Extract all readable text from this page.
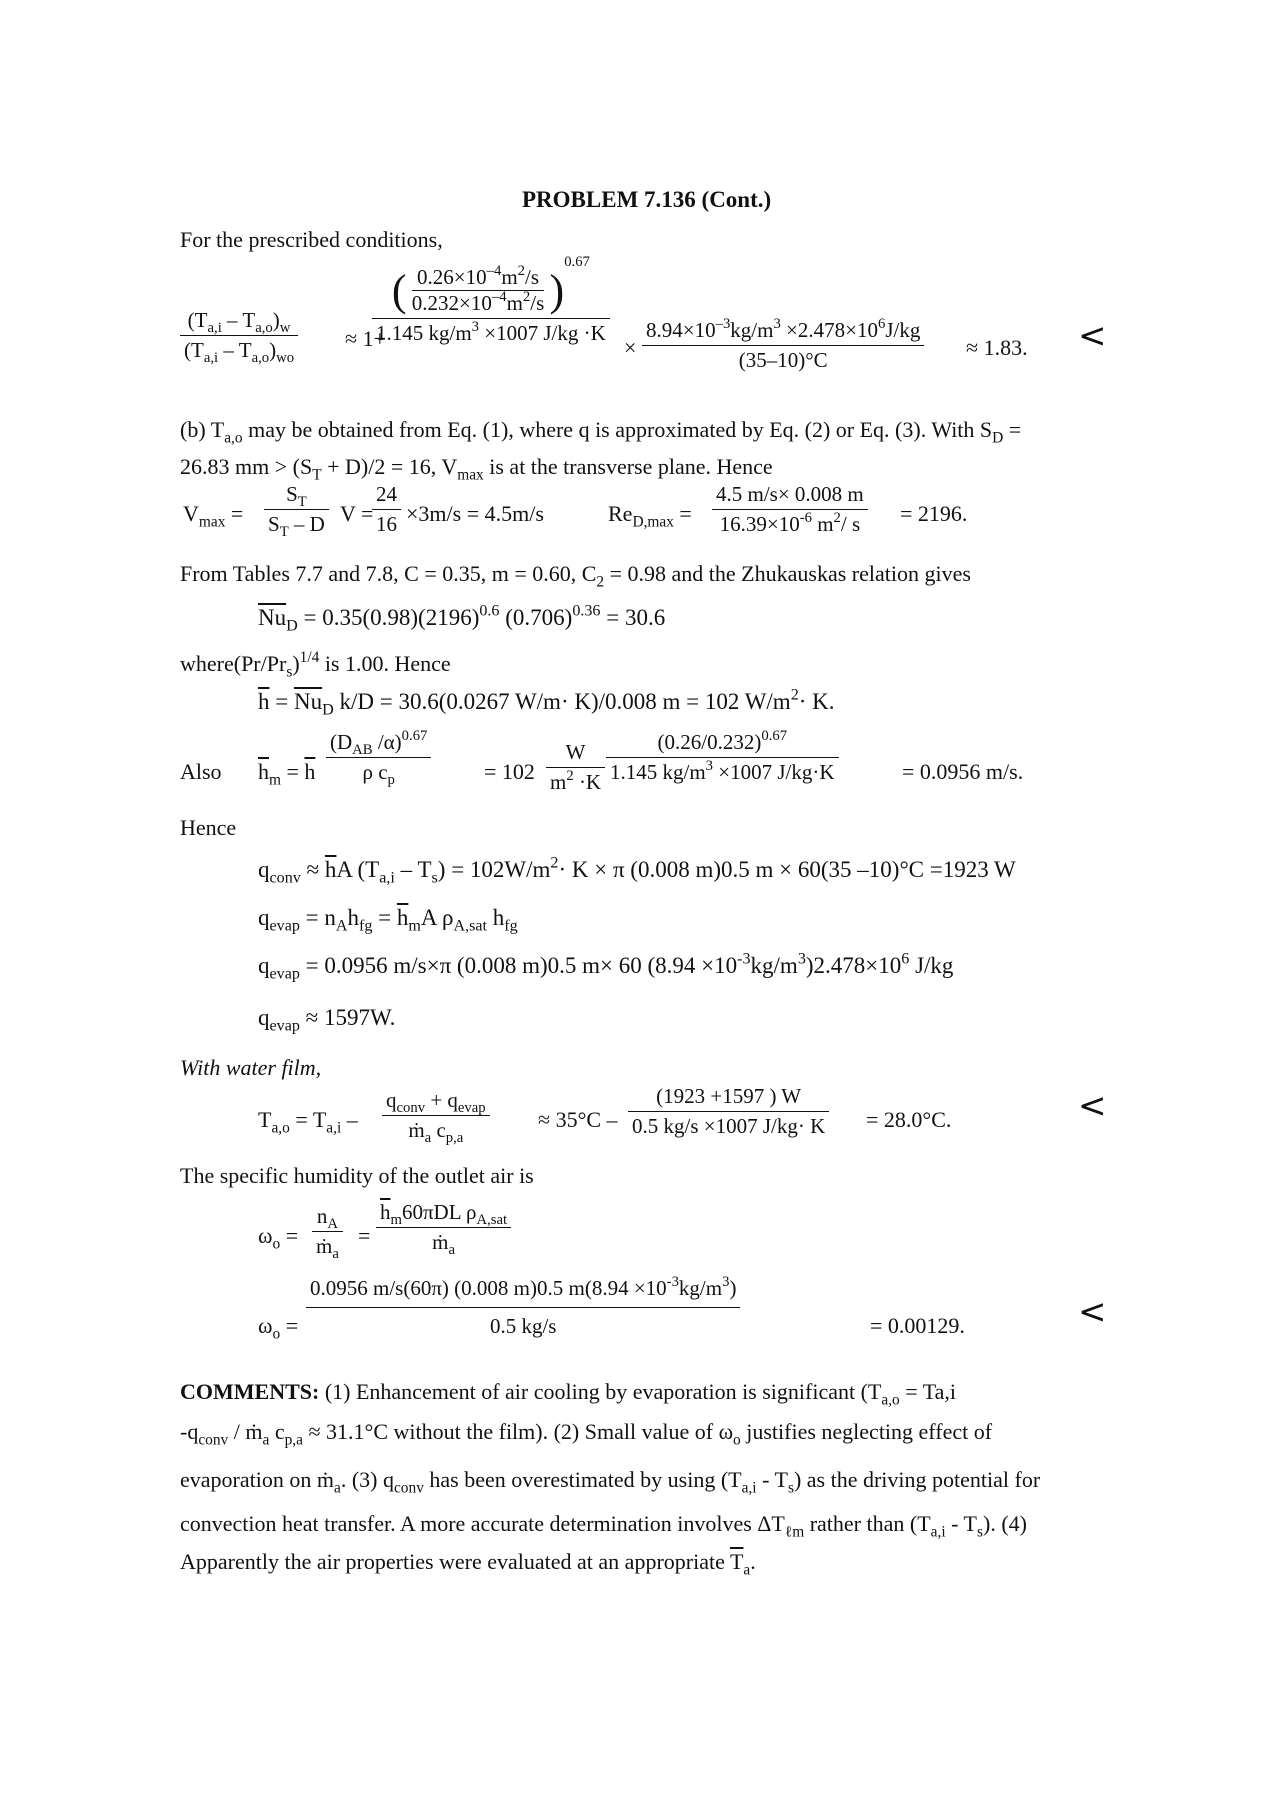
PROBLEM 7.136 (Cont.)
For the prescribed conditions,
$(T_{a,i} - T_{a,o})_w$
$(T_{a,i} - T_{a,o})_{wo}$
≈ 1+
( $\frac{0.26\times 10^{-4}m^2/s}{0.232\times 10^{-4}m^2/s} )^{0.67}$
1.145 $kg/m^3 \times 1007$ J/kg ·K
×
$8.94\times 10^{-3}kg/m^3 \times 2.478\times 10^6J/kg$
(35–10)°C	≈ 1.83. <
(b) $T_{a,o}$ may be obtained from Eq. (1), where q is approximated by Eq. (2) or Eq. (3). With $S_D$ =
26.83 mm > $(S_T + D)/2 = 16$, $V_{max}$ is at the transverse plane. Hence
$V_{max}$ =
$S_T$
$S_T$ – D V =
24
16 ×3m/s = 4.5m/s	$Re_{D,max}$ =
4.5 m/s× 0.008 m
$16.39\times 10^{-6}$ $m^2/$ s = 2196.
From Tables 7.7 and 7.8, C = 0.35, m = 0.60, $C_2 = 0.98$ and the Zhukauskas relation gives
$\overline{Nu}_D = 0.35(0.98)(2196)^{0.6}$ $(0.706)^{0.36} = 30.6$
$where(Pr/Pr_s)^{1/4}$ is 1.00. Hence
$\overline{h} = \overline{Nu}_D$ k/D = 30.6(0.0267 W/m· K)/0.008 m = 102 $W/m^2\cdot K$.
Also $\overline{h}_m = \overline{h}$
($D_{AB}$ /α)$^{0.67}$
ρ $c_p$	= 102
W
$m^2 \cdot K$
$(0.26/0.232)^{0.67}$
1.145 $kg/m^3 \times 1007$ J/kg·K	= 0.0956 m/s.
Hence
$q_{conv} \approx \overline{h}A$ $(T_{a,i} - T_s) = 102W/m^2\cdot K \times \pi$ (0.008 m)0.5 m × 60(35 –10)°C =1923 W
$q_{evap} = n_Ah_{fg} = \overline{h}_mA$ $\rho_{A,sat}$ $h_{fg}$
$q_{evap} = 0.0956$ m/s×π (0.008 m)0.5 m× 60 $(8.94 \times 10^{-3}kg/m^3)2.478\times 10^6$ J/kg
$q_{evap} \approx 1597W$.
With water film,
$T_{a,o} = T_{a,i}$ –
$q_{conv} + q_{evap}$
ṁ$_a$ $c_{p,a}$
≈ 35°C –
(1923 +1597 ) W
0.5 kg/s ×1007 J/kg· K = 28.0°C.	<
The specific humidity of the outlet air is
$\omega_o$ =
$n_A$
ṁ$_a$
=
$\overline{h}_m60\pi DL$ $\rho_{A,sat}$
ṁ$_a$
$\omega_o$ =
0.0956 m/s(60π) (0.008 m)0.5 $m(8.94 \times 10^{-3}kg/m^3)$
0.5 kg/s	= 0.00129.	<
COMMENTS: (1) Enhancement of air cooling by evaporation is significant ($T_{a,o} = Ta,i$
$-q_{conv}$ / ṁ$_a$ $c_{p,a} \approx 31.1^\circ C$ without the film). (2) Small value of $\omega_o$ justifies neglecting effect of
evaporation on ṁ$_a$. (3) $q_{conv}$ has been overestimated by using $(T_{a,i} - T_s)$ as the driving potential for
convection heat transfer. A more accurate determination involves $\Delta T_{\ell m}$ rather than $(T_{a,i} - T_s)$. (4)
Apparently the air properties were evaluated at an appropriate $\overline{T}_a$.
